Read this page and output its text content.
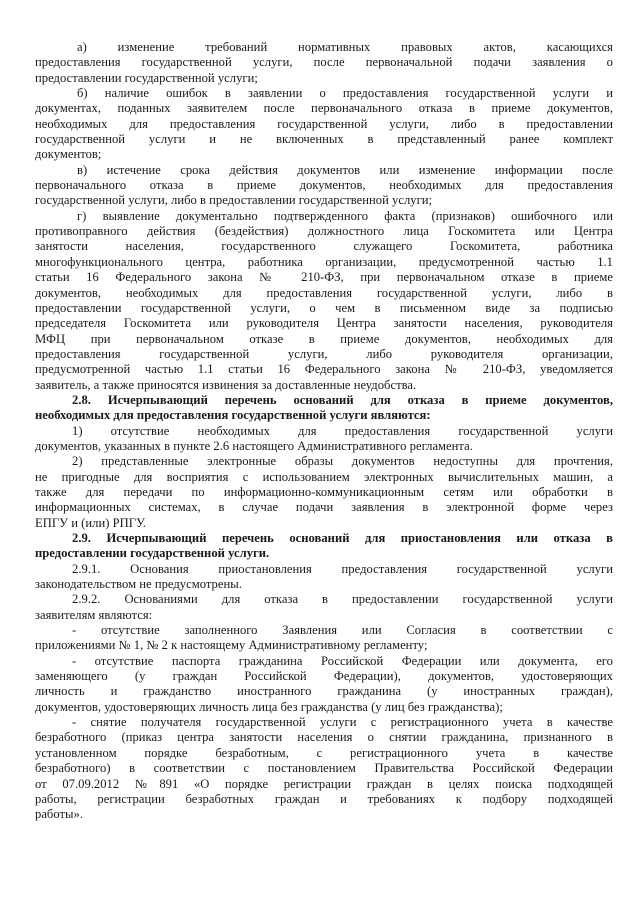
а) изменение требований нормативных правовых актов, касающихся
предоставления государственной услуги, после первоначальной подачи заявления о
предоставлении государственной услуги;
б) наличие ошибок в заявлении о предоставления государственной услуги и
документах, поданных заявителем после первоначального отказа в приеме документов,
необходимых для предоставления государственной услуги, либо в предоставлении
государственной услуги и не включенных в представленный ранее комплект
документов;
в) истечение срока действия документов или изменение информации после
первоначального отказа в приеме документов, необходимых для предоставления
государственной услуги, либо в предоставлении государственной услуги;
г) выявление документально подтвержденного факта (признаков) ошибочного или
противоправного действия (бездействия) должностного лица Госкомитета или Центра
занятости населения, государственного служащего Госкомитета, работника
многофункционального центра, работника организации, предусмотренной частью 1.1
статьи 16 Федерального закона № 210-ФЗ, при первоначальном отказе в приеме
документов, необходимых для предоставления государственной услуги, либо в
предоставлении государственной услуги, о чем в письменном виде за подписью
председателя Госкомитета или руководителя Центра занятости населения, руководителя
МФЦ при первоначальном отказе в приеме документов, необходимых для
предоставления государственной услуги, либо руководителя организации,
предусмотренной частью 1.1 статьи 16 Федерального закона № 210-ФЗ, уведомляется
заявитель, а также приносятся извинения за доставленные неудобства.
2.8. Исчерпывающий перечень оснований для отказа в приеме документов,
необходимых для предоставления государственной услуги являются:
1) отсутствие необходимых для предоставления государственной услуги
документов, указанных в пункте 2.6 настоящего Административного регламента.
2) представленные электронные образы документов недоступны для прочтения,
не пригодные для восприятия с использованием электронных вычислительных машин, а
также для передачи по информационно-коммуникационным сетям или обработки в
информационных системах, в случае подачи заявления в электронной форме через
ЕПГУ и (или) РПГУ.
2.9. Исчерпывающий перечень оснований для приостановления или отказа в
предоставлении государственной услуги.
2.9.1. Основания приостановления предоставления государственной услуги
законодательством не предусмотрены.
2.9.2. Основаниями для отказа в предоставлении государственной услуги
заявителям являются:
- отсутствие заполненного Заявления или Согласия в соответствии с
приложениями № 1, № 2 к настоящему Административному регламенту;
- отсутствие паспорта гражданина Российской Федерации или документа, его
заменяющего (у граждан Российской Федерации), документов, удостоверяющих
личность и гражданство иностранного гражданина (у иностранных граждан),
документов, удостоверяющих личность лица без гражданства (у лиц без гражданства);
- снятие получателя государственной услуги с регистрационного учета в качестве
безработного (приказ центра занятости населения о снятии гражданина, признанного в
установленном порядке безработным, с регистрационного учета в качестве
безработного) в соответствии с постановлением Правительства Российской Федерации
от 07.09.2012 №891 «О порядке регистрации граждан в целях поиска подходящей
работы, регистрации безработных граждан и требованиях к подбору подходящей
работы».
